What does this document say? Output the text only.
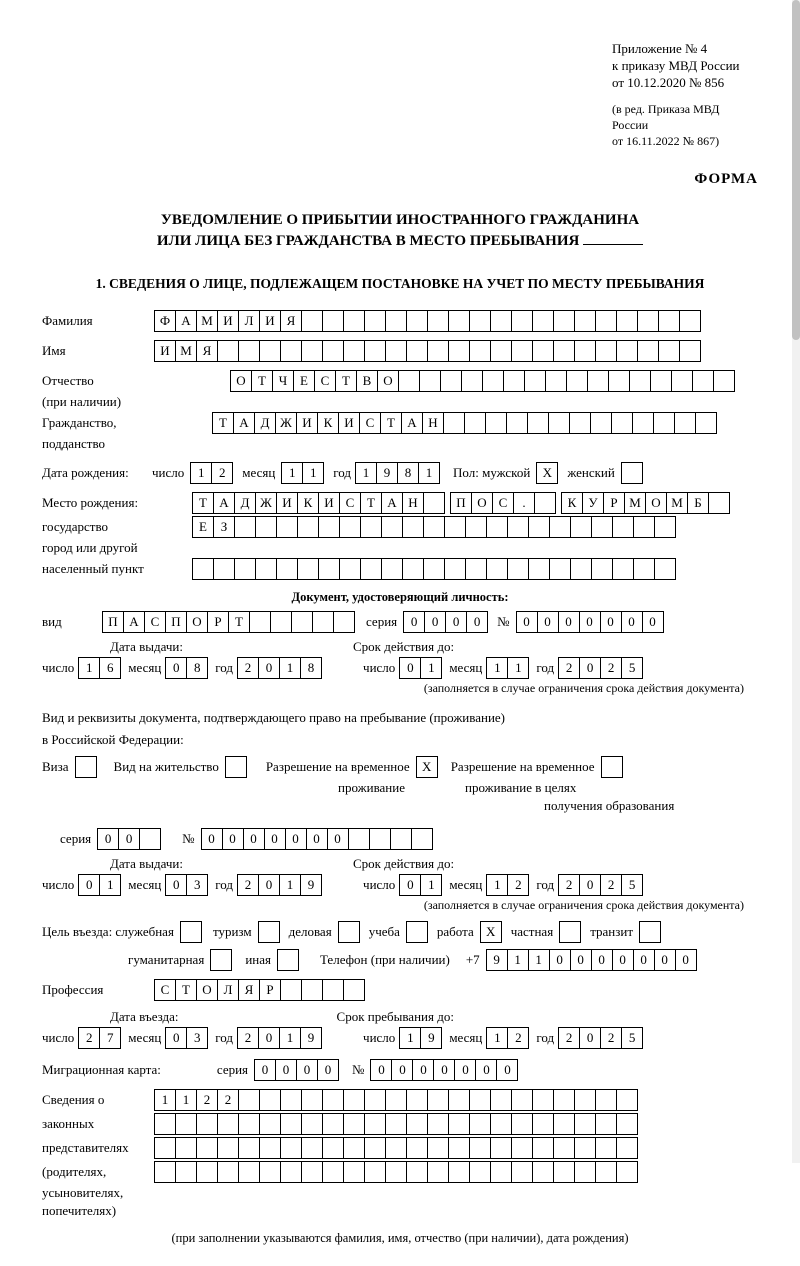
Приложение № 4
к приказу МВД России
от 10.12.2020 № 856
(в ред. Приказа МВД России
от 16.11.2022 № 867)
ФОРМА
УВЕДОМЛЕНИЕ О ПРИБЫТИИ ИНОСТРАННОГО ГРАЖДАНИНА
ИЛИ ЛИЦА БЕЗ ГРАЖДАНСТВА В МЕСТО ПРЕБЫВАНИЯ
1. СВЕДЕНИЯ О ЛИЦЕ, ПОДЛЕЖАЩЕМ ПОСТАНОВКЕ НА УЧЕТ ПО МЕСТУ ПРЕБЫВАНИЯ
Фамилия	Ф А М И Л И Я
Имя	И М Я
Отчество	О Т Ч Е С Т В О
(при наличии)
Гражданство,	Т А Д Ж И К И С Т А Н
подданство
Дата рождения:	число	1	2	месяц	1	1	год 1	9	8	1	Пол: мужской X	женский
Место рождения:	Т А Д Ж И К И С Т А Н	П О С	.	К У Р М О М Б
государство	Е	З
город или другой
населенный пункт
Документ, удостоверяющий личность:
вид	П А С П О Р	Т	серия	0	0	0	0	№	0	0	0	0	0	0	0
Дата выдачи:	Срок действия до:
число 1	6	месяц 0	8	год 2	0	1	8	число 0	1	месяц 1	1	год 2	0	2	5
(заполняется в случае ограничения срока действия документа)
Вид и реквизиты документа, подтверждающего право на пребывание (проживание)
в Российской Федерации:
Виза	Вид на жительство	Разрешение на временное X	Разрешение на временное
проживание	проживание в целях
получения образования
серия	0	0	№	0	0	0	0	0	0	0
Дата выдачи:	Срок действия до:
число 0	1	месяц 0	3	год 2	0	1	9	число 0	1	месяц 1	2	год 2	0	2	5
(заполняется в случае ограничения срока действия документа)
Цель въезда: служебная	туризм	деловая	учеба	работа X	частная	транзит
гуманитарная	иная	Телефон (при наличии) +7	9	1	1	0	0	0	0	0	0	0
Профессия	С Т О Л Я	Р
Дата въезда:	Срок пребывания до:
число 2	7	месяц 0	3	год 2	0	1	9	число 1	9	месяц 1	2	год 2	0	2	5
Миграционная карта:	серия	0	0	0	0	№	0	0	0	0	0	0	0
Сведения о	1	1	2	2
законных
представителях
(родителях,
усыновителях,
попечителях)
(при заполнении указываются фамилия, имя, отчество (при наличии), дата рождения)
